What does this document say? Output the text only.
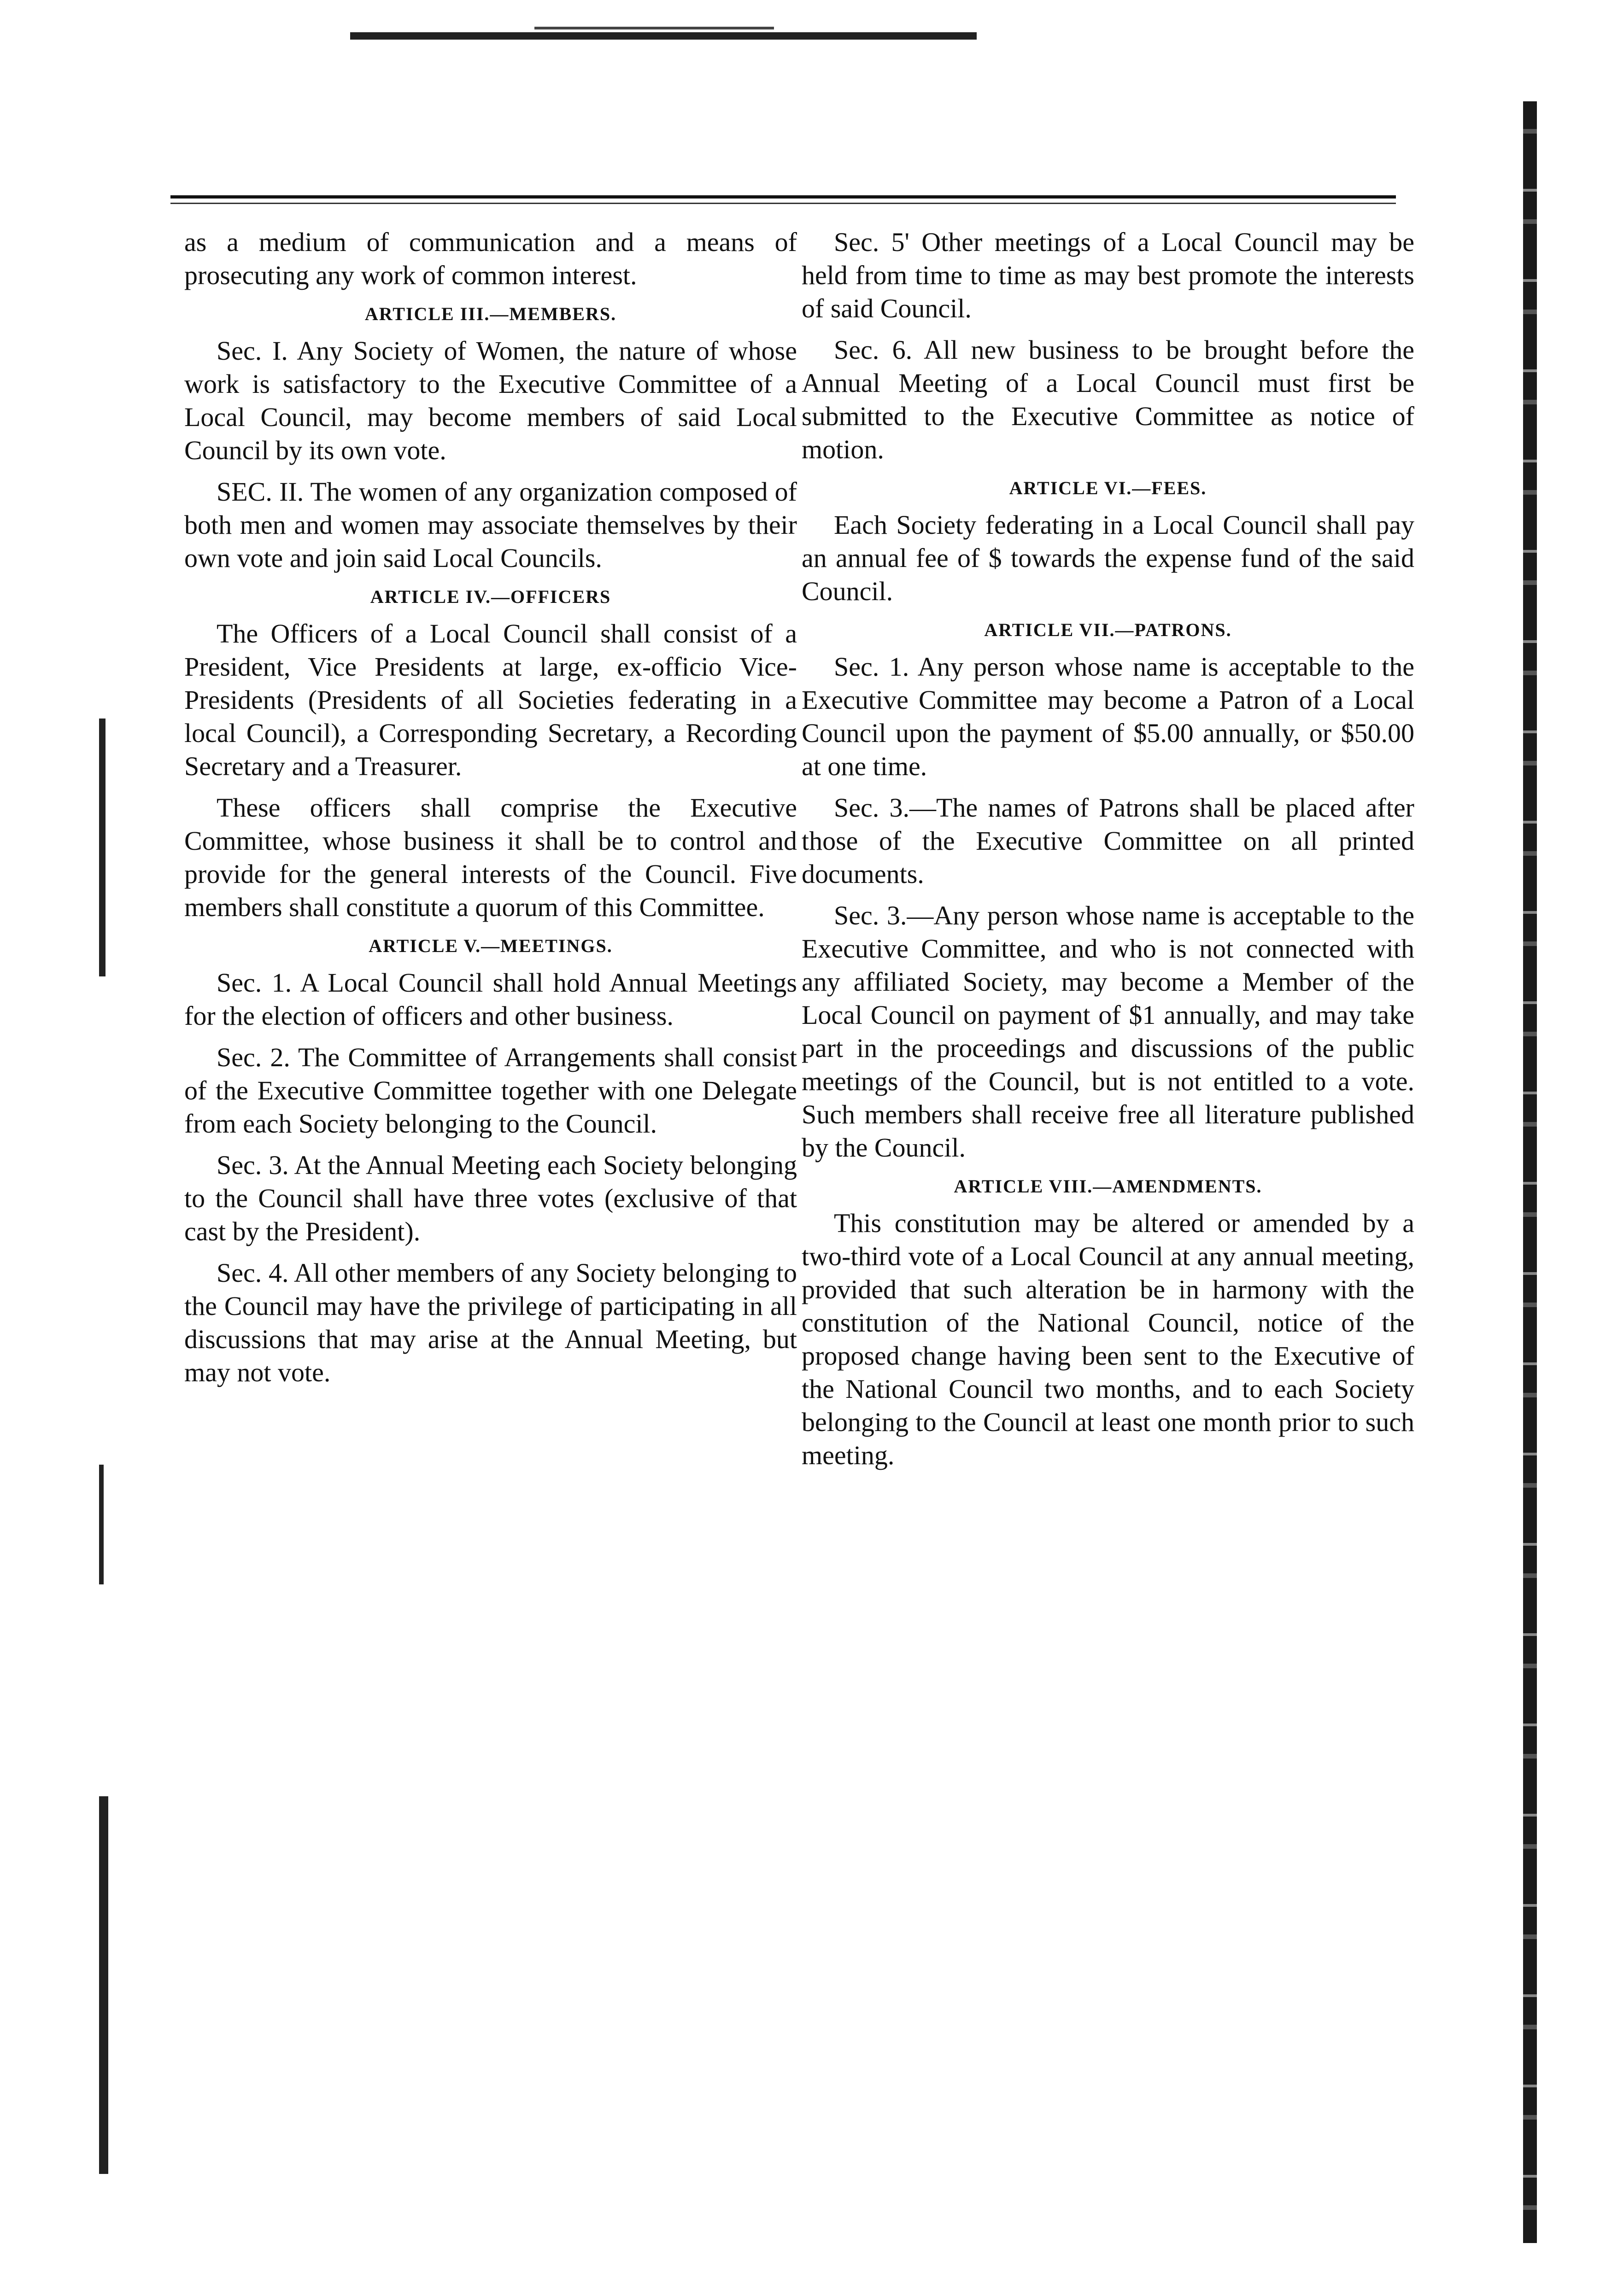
as a medium of communication and a means of prosecuting any work of common interest.

ARTICLE III.—MEMBERS.

Sec. I. Any Society of Women, the nature of whose work is satisfactory to the Executive Committee of a Local Council, may become members of said Local Council by its own vote.

SEC. II. The women of any organization composed of both men and women may associate themselves by their own vote and join said Local Councils.

ARTICLE IV.—OFFICERS

The Officers of a Local Council shall consist of a President, Vice Presidents at large, ex-officio Vice-Presidents (Presidents of all Societies federating in a local Council), a Corresponding Secretary, a Recording Secretary and a Treasurer.

These officers shall comprise the Executive Committee, whose business it shall be to control and provide for the general interests of the Council. Five members shall constitute a quorum of this Committee.

ARTICLE V.—MEETINGS.

Sec. 1. A Local Council shall hold Annual Meetings for the election of officers and other business.

Sec. 2. The Committee of Arrangements shall consist of the Executive Committee together with one Delegate from each Society belonging to the Council.

Sec. 3. At the Annual Meeting each Society belonging to the Council shall have three votes (exclusive of that cast by the President).

Sec. 4. All other members of any Society belonging to the Council may have the privilege of participating in all discussions that may arise at the Annual Meeting, but may not vote.

Sec. 5' Other meetings of a Local Council may be held from time to time as may best promote the interests of said Council.

Sec. 6. All new business to be brought before the Annual Meeting of a Local Council must first be submitted to the Executive Committee as notice of motion.

ARTICLE VI.—FEES.

Each Society federating in a Local Council shall pay an annual fee of $ towards the expense fund of the said Council.

ARTICLE VII.—PATRONS.

Sec. 1. Any person whose name is acceptable to the Executive Committee may become a Patron of a Local Council upon the payment of $5.00 annually, or $50.00 at one time.

Sec. 3.—The names of Patrons shall be placed after those of the Executive Committee on all printed documents.

Sec. 3.—Any person whose name is acceptable to the Executive Committee, and who is not connected with any affiliated Society, may become a Member of the Local Council on payment of $1 annually, and may take part in the proceedings and discussions of the public meetings of the Council, but is not entitled to a vote. Such members shall receive free all literature published by the Council.

ARTICLE VIII.—AMENDMENTS.

This constitution may be altered or amended by a two-third vote of a Local Council at any annual meeting, provided that such alteration be in harmony with the constitution of the National Council, notice of the proposed change having been sent to the Executive of the National Council two months, and to each Society belonging to the Council at least one month prior to such meeting.
